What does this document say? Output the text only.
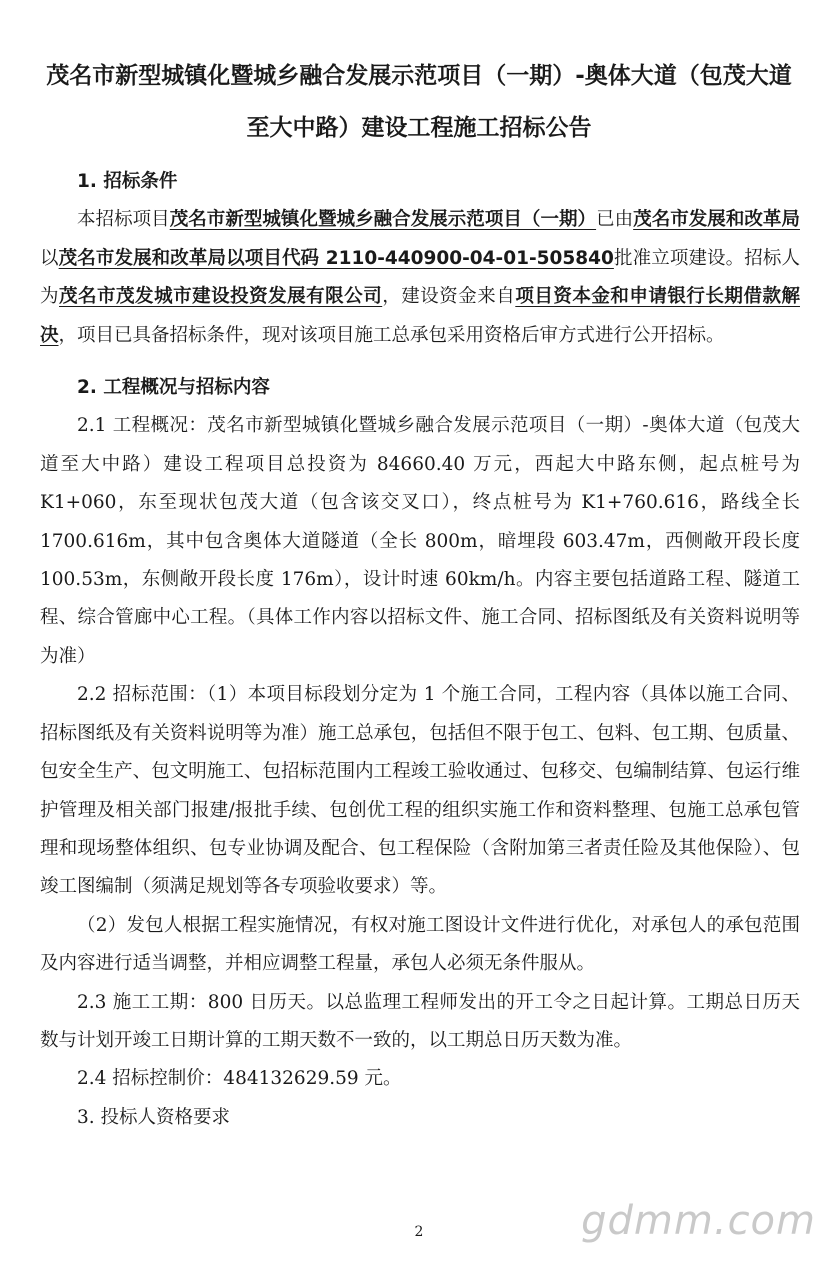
茂名市新型城镇化暨城乡融合发展示范项目（一期）-奥体大道（包茂大道
至大中路）建设工程施工招标公告

1. 招标条件

本招标项目茂名市新型城镇化暨城乡融合发展示范项目（一期）已由茂名市发展和改革局以茂名市发展和改革局以项目代码 2110-440900-04-01-505840批准立项建设。招标人为茂名市茂发城市建设投资发展有限公司，建设资金来自项目资本金和申请银行长期借款解决，项目已具备招标条件，现对该项目施工总承包采用资格后审方式进行公开招标。

2. 工程概况与招标内容

2.1 工程概况：茂名市新型城镇化暨城乡融合发展示范项目（一期）-奥体大道（包茂大道至大中路）建设工程项目总投资为 84660.40 万元，西起大中路东侧，起点桩号为 K1+060，东至现状包茂大道（包含该交叉口），终点桩号为 K1+760.616，路线全长 1700.616m，其中包含奥体大道隧道（全长 800m，暗埋段 603.47m，西侧敞开段长度 100.53m，东侧敞开段长度 176m），设计时速 60km/h。内容主要包括道路工程、隧道工程、综合管廊中心工程。（具体工作内容以招标文件、施工合同、招标图纸及有关资料说明等为准）

2.2 招标范围：（1）本项目标段划分定为 1 个施工合同，工程内容（具体以施工合同、招标图纸及有关资料说明等为准）施工总承包，包括但不限于包工、包料、包工期、包质量、包安全生产、包文明施工、包招标范围内工程竣工验收通过、包移交、包编制结算、包运行维护管理及相关部门报建/报批手续、包创优工程的组织实施工作和资料整理、包施工总承包管理和现场整体组织、包专业协调及配合、包工程保险（含附加第三者责任险及其他保险）、包竣工图编制（须满足规划等各专项验收要求）等。

（2）发包人根据工程实施情况，有权对施工图设计文件进行优化，对承包人的承包范围及内容进行适当调整，并相应调整工程量，承包人必须无条件服从。

2.3 施工工期：800 日历天。以总监理工程师发出的开工令之日起计算。工期总日历天数与计划开竣工日期计算的工期天数不一致的，以工期总日历天数为准。

2.4 招标控制价：484132629.59 元。

3. 投标人资格要求

2	gdmm.com
